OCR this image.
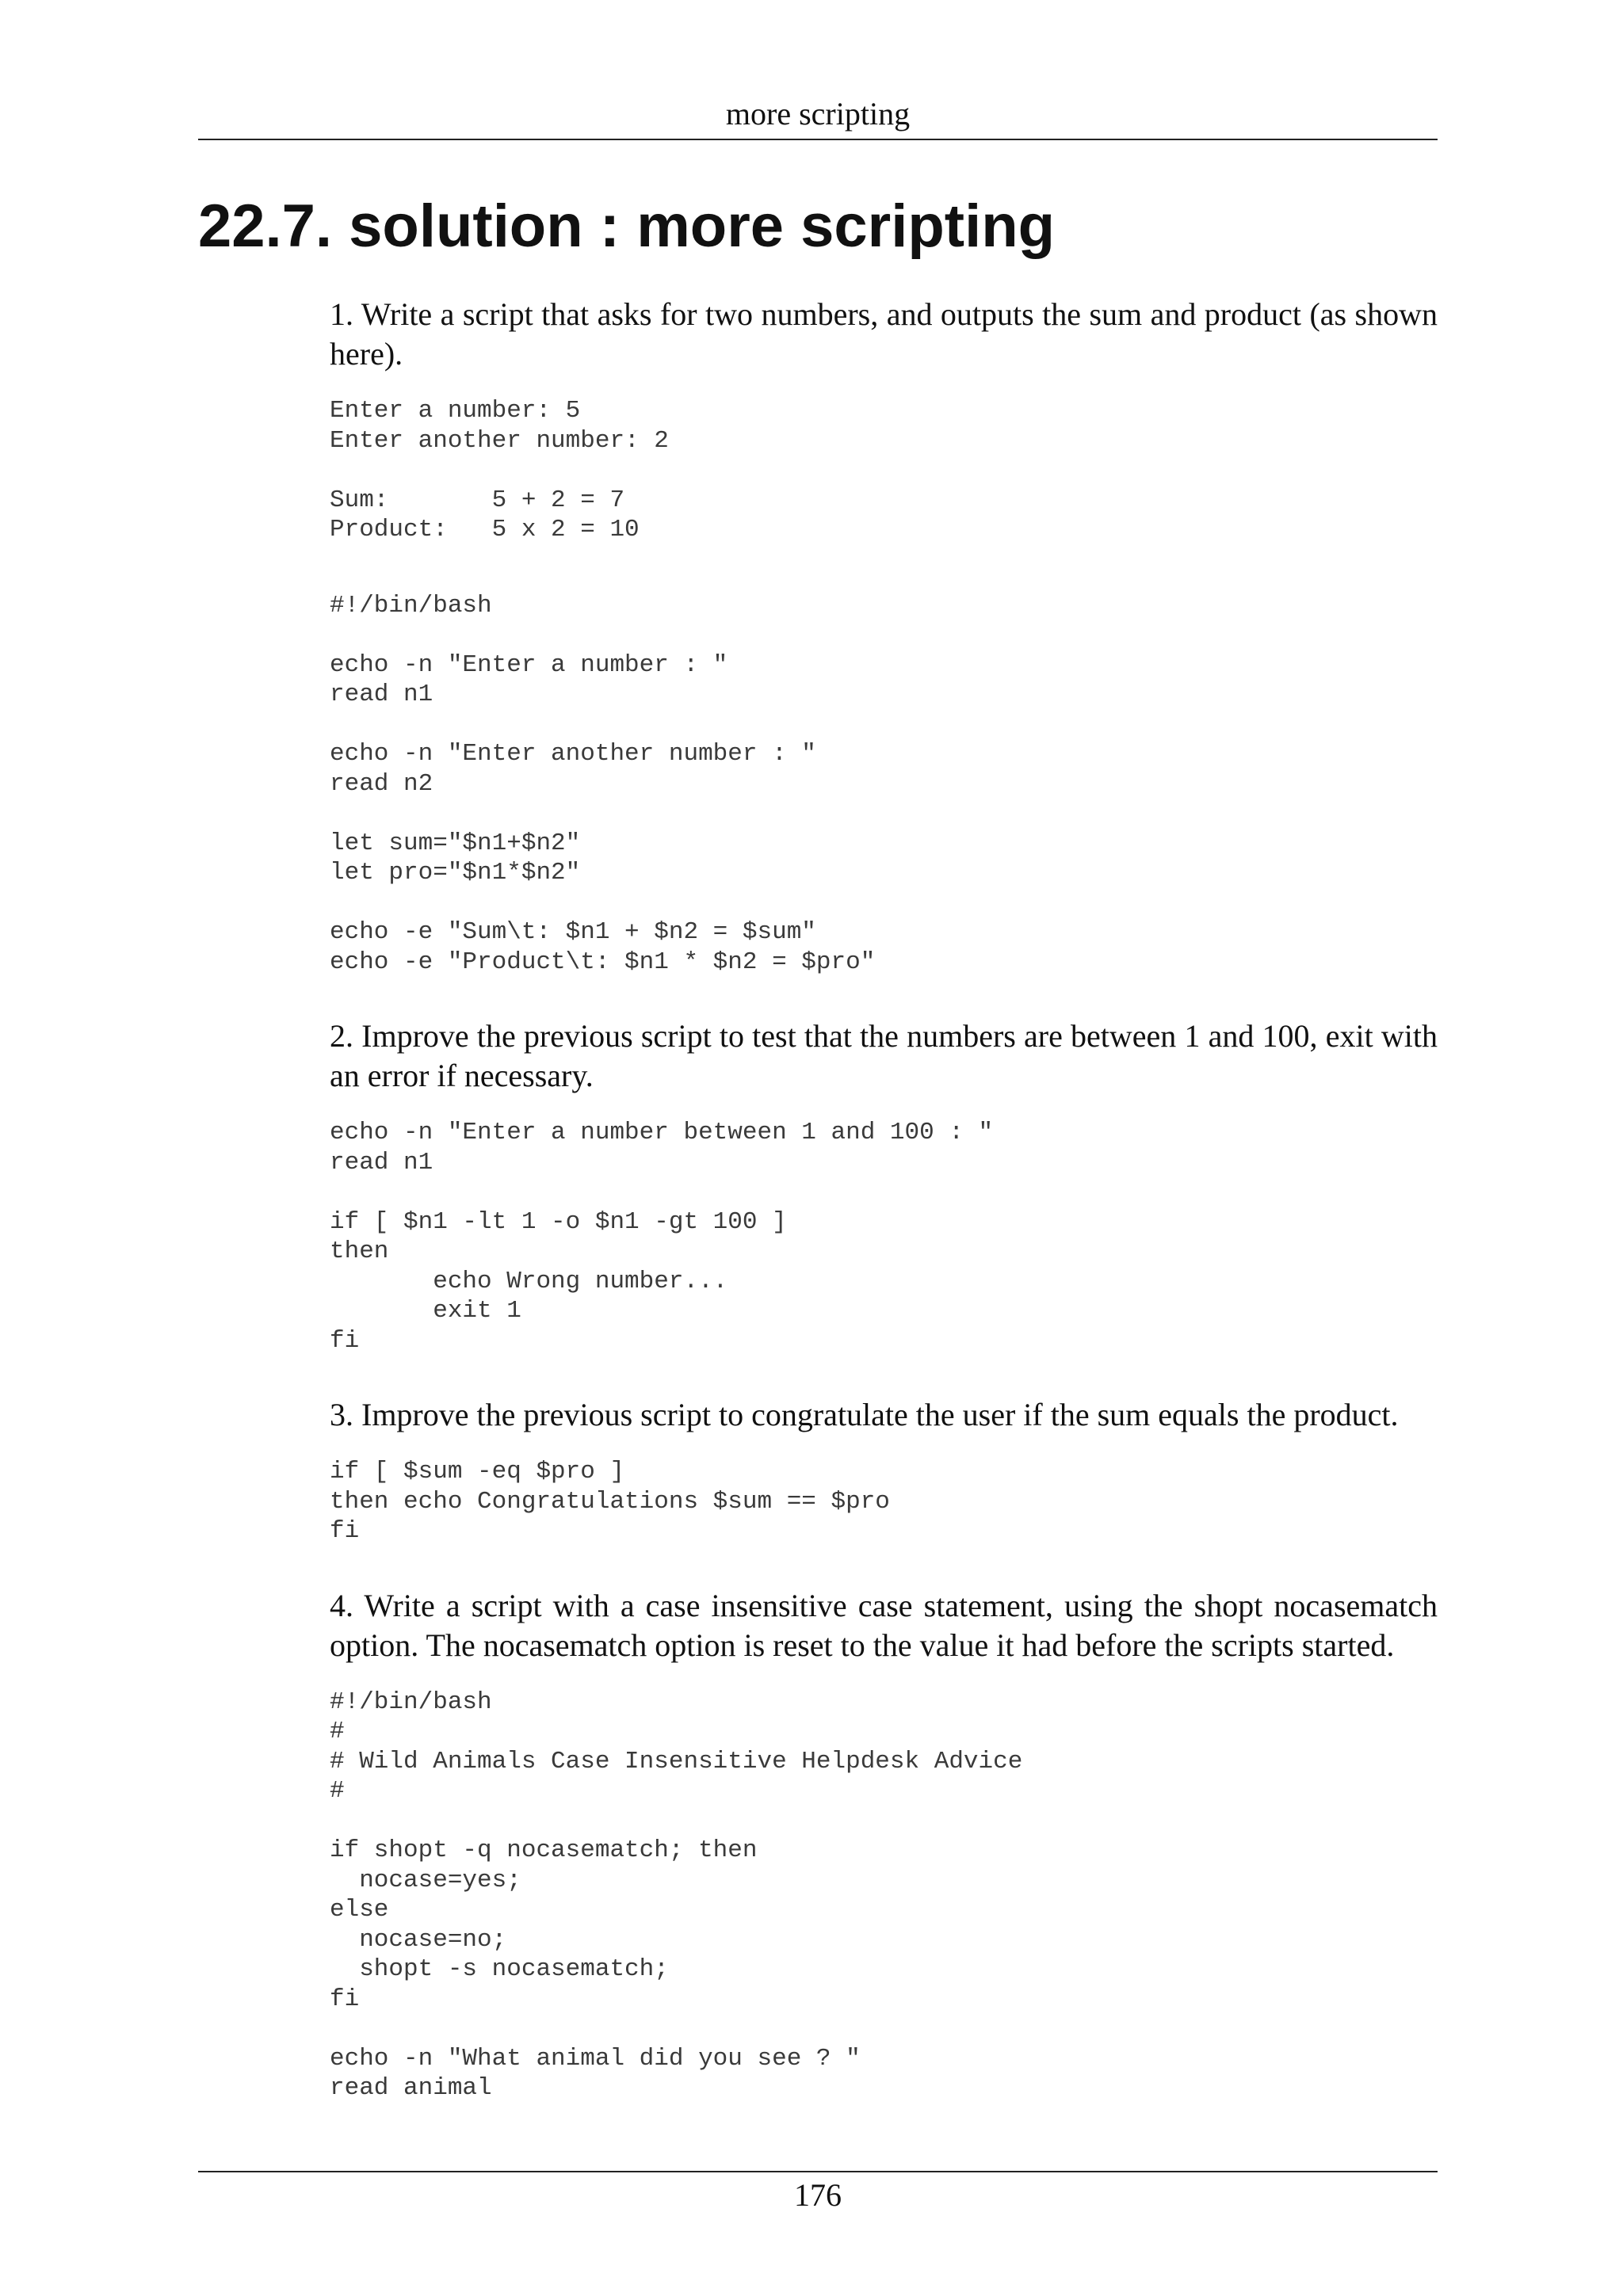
more scripting
22.7. solution : more scripting

1. Write a script that asks for two numbers, and outputs the sum and product (as shown here).

Enter a number: 5
Enter another number: 2

Sum:       5 + 2 = 7
Product:   5 x 2 = 10
#!/bin/bash

echo -n "Enter a number : "
read n1

echo -n "Enter another number : "
read n2

let sum="$n1+$n2"
let pro="$n1*$n2"

echo -e "Sum\t: $n1 + $n2 = $sum"
echo -e "Product\t: $n1 * $n2 = $pro"

2. Improve the previous script to test that the numbers are between 1 and 100, exit with an error if necessary.

echo -n "Enter a number between 1 and 100 : "
read n1

if [ $n1 -lt 1 -o $n1 -gt 100 ]
then
echo Wrong number...
exit 1
fi

3. Improve the previous script to congratulate the user if the sum equals the product.

if [ $sum -eq $pro ]
then echo Congratulations $sum == $pro
fi

4. Write a script with a case insensitive case statement, using the shopt nocasematch option. The nocasematch option is reset to the value it had before the scripts started.

#!/bin/bash
#
# Wild Animals Case Insensitive Helpdesk Advice
#

if shopt -q nocasematch; then
nocase=yes;
else
nocase=no;
shopt -s nocasematch;
fi

echo -n "What animal did you see ? "
read animal
176
